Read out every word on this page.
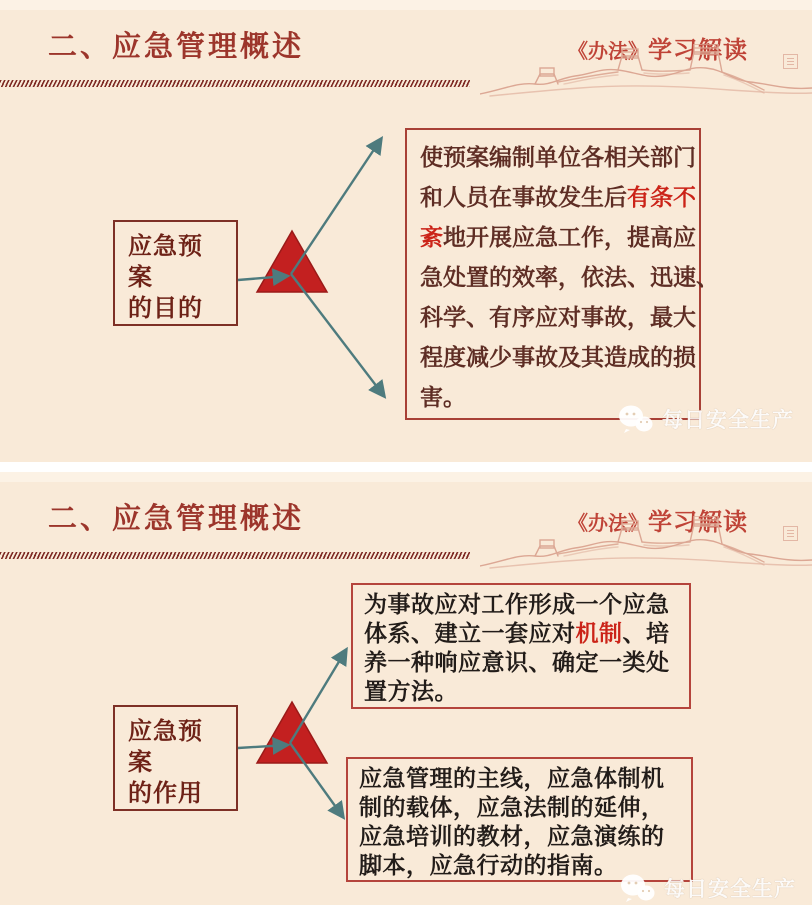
二、应急管理概述	《办法》学习解读
应急预
案
的目的
使预案编制单位各相关部门
和人员在事故发生后有条不
紊地开展应急工作，提高应
急处置的效率，依法、迅速、
科学、有序应对事故，最大
程度减少事故及其造成的损
害。
每日安全生产
二、应急管理概述	《办法》学习解读
应急预
案
的作用
为事故应对工作形成一个应急
体系、建立一套应对机制、培
养一种响应意识、确定一类处
置方法。
应急管理的主线，应急体制机
制的载体，应急法制的延伸，
应急培训的教材，应急演练的
脚本，应急行动的指南。
每日安全生产
